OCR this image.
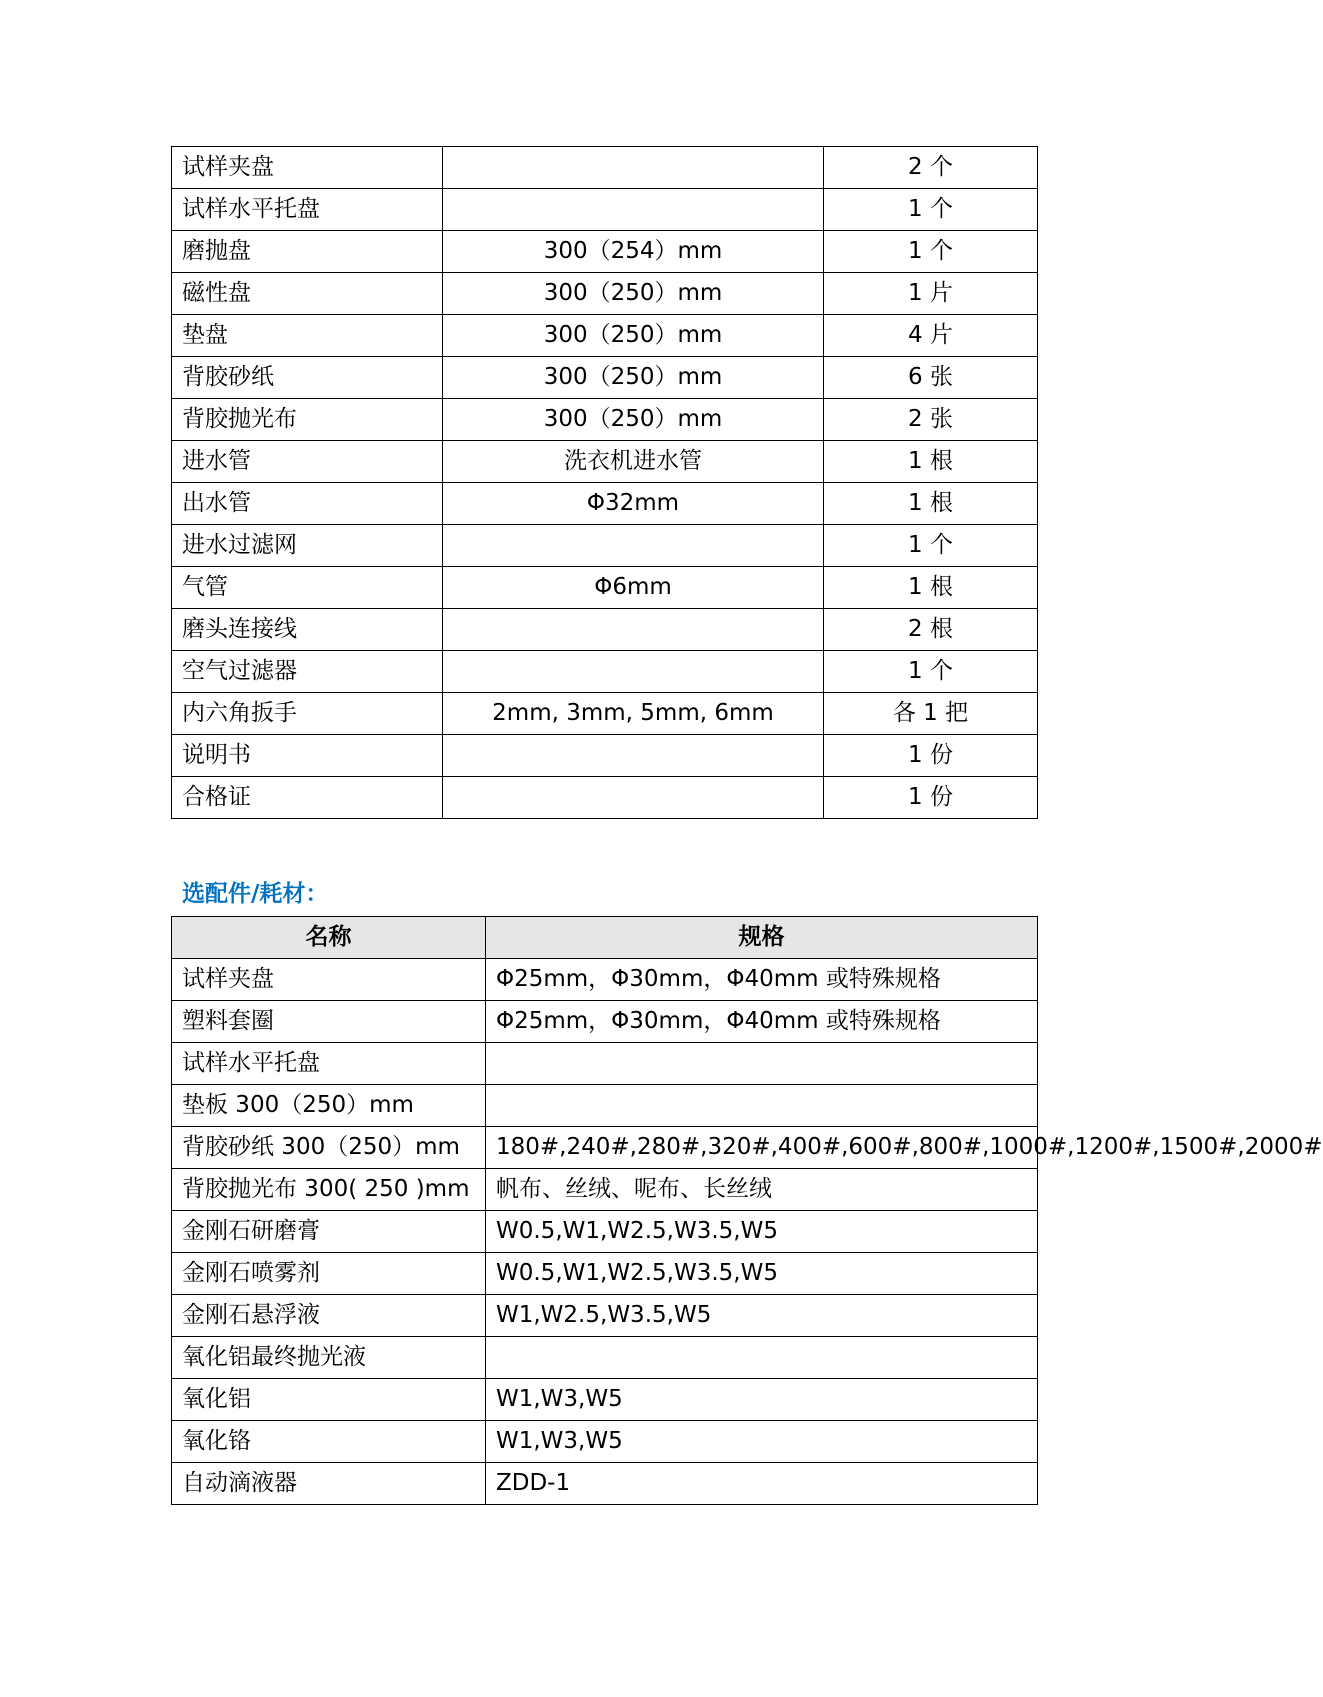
试样夹盘		2 个
试样水平托盘		1 个
磨抛盘	300（254）mm	1 个
磁性盘	300（250）mm	1 片
垫盘	300（250）mm	4 片
背胶砂纸	300（250）mm	6 张
背胶抛光布	300（250）mm	2 张
进水管	洗衣机进水管	1 根
出水管	Φ32mm	1 根
进水过滤网		1 个
气管	Φ6mm	1 根
磨头连接线		2 根
空气过滤器		1 个
内六角扳手	2mm, 3mm, 5mm, 6mm	各 1 把
说明书		1 份
合格证		1 份
选配件/耗材：
名称	规格
试样夹盘	Φ25mm，Φ30mm，Φ40mm 或特殊规格
塑料套圈	Φ25mm，Φ30mm，Φ40mm 或特殊规格
试样水平托盘	
垫板 300（250）mm	
背胶砂纸 300（250）mm	180#,240#,280#,320#,400#,600#,800#,1000#,1200#,1500#,2000#
背胶抛光布 300( 250 )mm	帆布、丝绒、呢布、长丝绒
金刚石研磨膏	W0.5,W1,W2.5,W3.5,W5
金刚石喷雾剂	W0.5,W1,W2.5,W3.5,W5
金刚石悬浮液	W1,W2.5,W3.5,W5
氧化铝最终抛光液	
氧化铝	W1,W3,W5
氧化铬	W1,W3,W5
自动滴液器	ZDD-1
